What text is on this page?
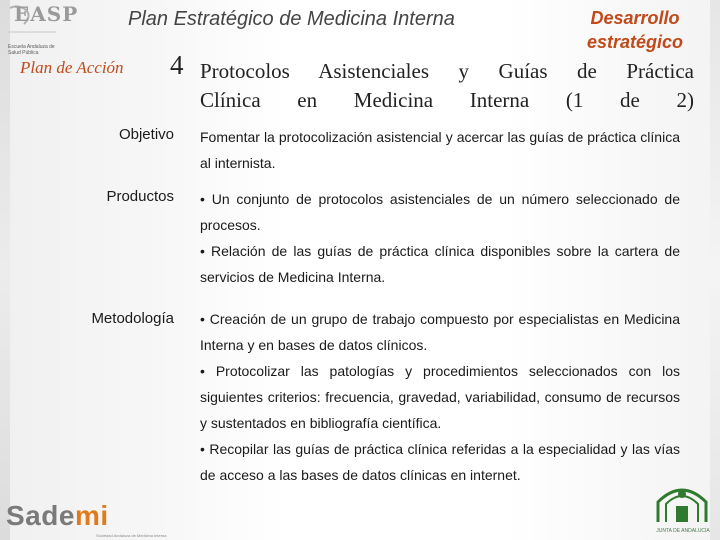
EASP
Escuela Andaluza de Salud Pública
Plan Estratégico de Medicina Interna	Desarrollo
estratégico
Plan de Acción 4 Protocolos Asistenciales y Guías de Práctica
Clínica en Medicina Interna (1 de 2)
Objetivo Fomentar la protocolización asistencial y acercar las guías de práctica clínica al internista.
Productos • Un conjunto de protocolos asistenciales de un número seleccionado de procesos.
• Relación de las guías de práctica clínica disponibles sobre la cartera de servicios de Medicina Interna.
Metodología • Creación de un grupo de trabajo compuesto por especialistas en Medicina Interna y en bases de datos clínicos.
• Protocolizar las patologías y procedimientos seleccionados con los siguientes criterios: frecuencia, gravedad, variabilidad, consumo de recursos y sustentados en bibliografía científica.
• Recopilar las guías de práctica clínica referidas a la especialidad y las vías de acceso a las bases de datos clínicas en internet.
Sademi
Sociedad Andaluza de Medicina Interna
JUNTA DE ANDALUCIA
